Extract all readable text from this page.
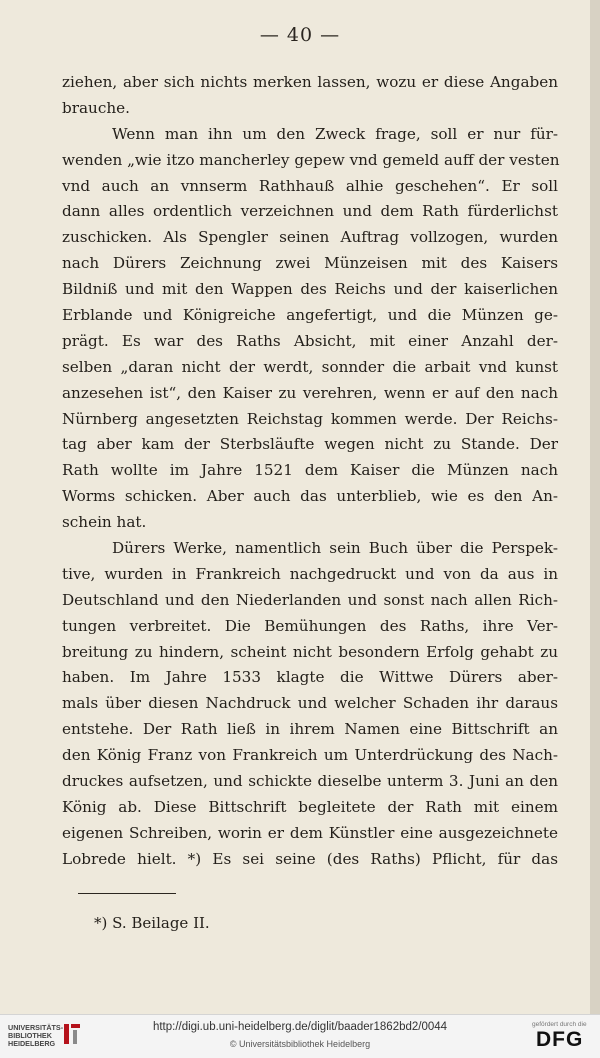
— 40 —
ziehen, aber sich nichts merken lassen, wozu er diese Angaben
brauche.
Wenn man ihn um den Zweck frage, soll er nur für-
wenden „wie itzo mancherley gepew vnd gemeld auff der vesten
vnd auch an vnnserm Rathhauß alhie geschehen“. Er soll
dann alles ordentlich verzeichnen und dem Rath fürderlichst
zuschicken. Als Spengler seinen Auftrag vollzogen, wurden
nach Dürers Zeichnung zwei Münzeisen mit des Kaisers
Bildniß und mit den Wappen des Reichs und der kaiserlichen
Erblande und Königreiche angefertigt, und die Münzen ge-
prägt. Es war des Raths Absicht, mit einer Anzahl der-
selben „daran nicht der werdt, sonnder die arbait vnd kunst
anzesehen ist“, den Kaiser zu verehren, wenn er auf den nach
Nürnberg angesetzten Reichstag kommen werde. Der Reichs-
tag aber kam der Sterbsläufte wegen nicht zu Stande. Der
Rath wollte im Jahre 1521 dem Kaiser die Münzen nach
Worms schicken. Aber auch das unterblieb, wie es den An-
schein hat.
Dürers Werke, namentlich sein Buch über die Perspek-
tive, wurden in Frankreich nachgedruckt und von da aus in
Deutschland und den Niederlanden und sonst nach allen Rich-
tungen verbreitet. Die Bemühungen des Raths, ihre Ver-
breitung zu hindern, scheint nicht besondern Erfolg gehabt zu
haben. Im Jahre 1533 klagte die Wittwe Dürers aber-
mals über diesen Nachdruck und welcher Schaden ihr daraus
entstehe. Der Rath ließ in ihrem Namen eine Bittschrift an
den König Franz von Frankreich um Unterdrückung des Nach-
druckes aufsetzen, und schickte dieselbe unterm 3. Juni an den
König ab. Diese Bittschrift begleitete der Rath mit einem
eigenen Schreiben, worin er dem Künstler eine ausgezeichnete
Lobrede hielt. *) Es sei seine (des Raths) Pflicht, für das
*) S. Beilage II.
UNIVERSITÄTS-
BIBLIOTHEK
HEIDELBERG
http://digi.ub.uni-heidelberg.de/diglit/baader1862bd2/0044
© Universitätsbibliothek Heidelberg
gefördert durch die
DFG
